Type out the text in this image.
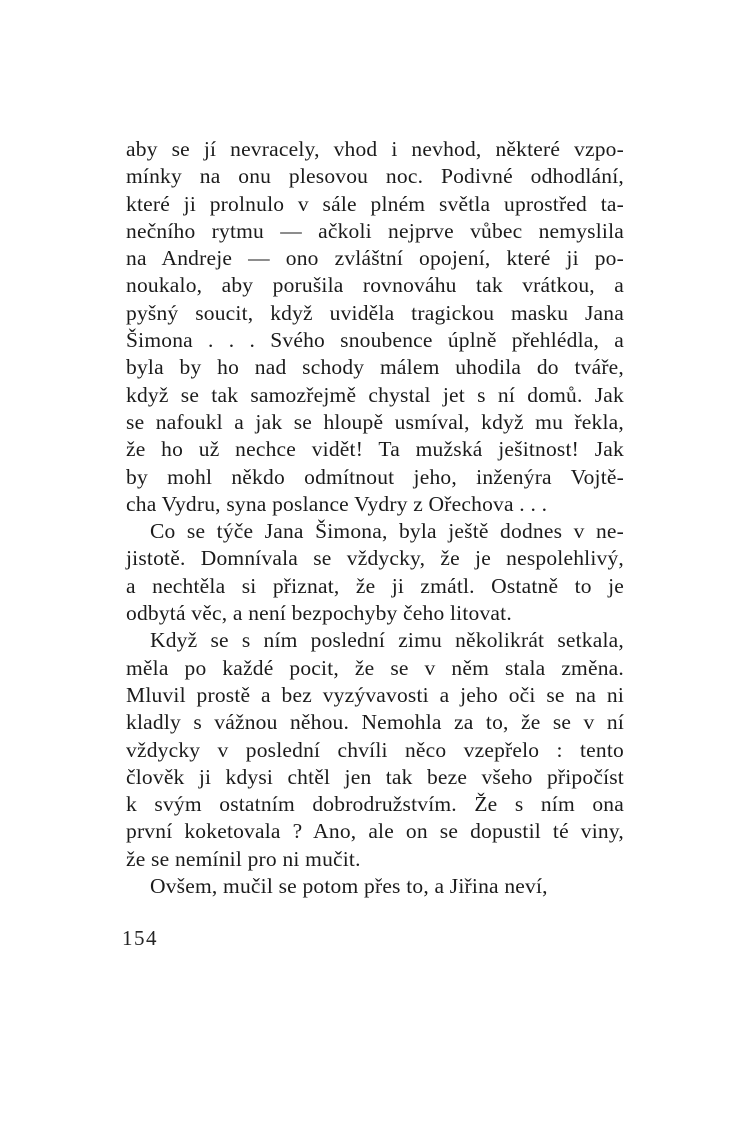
aby se jí nevracely, vhod i nevhod, některé vzpo-
mínky na onu plesovou noc. Podivné odhodlání,
které ji prolnulo v sále plném světla uprostřed ta-
nečního rytmu — ačkoli nejprve vůbec nemyslila
na Andreje — ono zvláštní opojení, které ji po-
noukalo, aby porušila rovnováhu tak vrátkou, a
pyšný soucit, když uviděla tragickou masku Jana
Šimona . . . Svého snoubence úplně přehlédla, a
byla by ho nad schody málem uhodila do tváře,
když se tak samozřejmě chystal jet s ní domů. Jak
se nafoukl a jak se hloupě usmíval, když mu řekla,
že ho už nechce vidět! Ta mužská ješitnost! Jak
by mohl někdo odmítnout jeho, inženýra Vojtě-
cha Vydru, syna poslance Vydry z Ořechova . . .
Co se týče Jana Šimona, byla ještě dodnes v ne-
jistotě. Domnívala se vždycky, že je nespolehlivý,
a nechtěla si přiznat, že ji zmátl. Ostatně to je
odbytá věc, a není bezpochyby čeho litovat.
Když se s ním poslední zimu několikrát setkala,
měla po každé pocit, že se v něm stala změna.
Mluvil prostě a bez vyzývavosti a jeho oči se na ni
kladly s vážnou něhou. Nemohla za to, že se v ní
vždycky v poslední chvíli něco vzepřelo : tento
člověk ji kdysi chtěl jen tak beze všeho připočíst
k svým ostatním dobrodružstvím. Že s ním ona
první koketovala ? Ano, ale on se dopustil té viny,
že se nemínil pro ni mučit.
Ovšem, mučil se potom přes to, a Jiřina neví,
154
